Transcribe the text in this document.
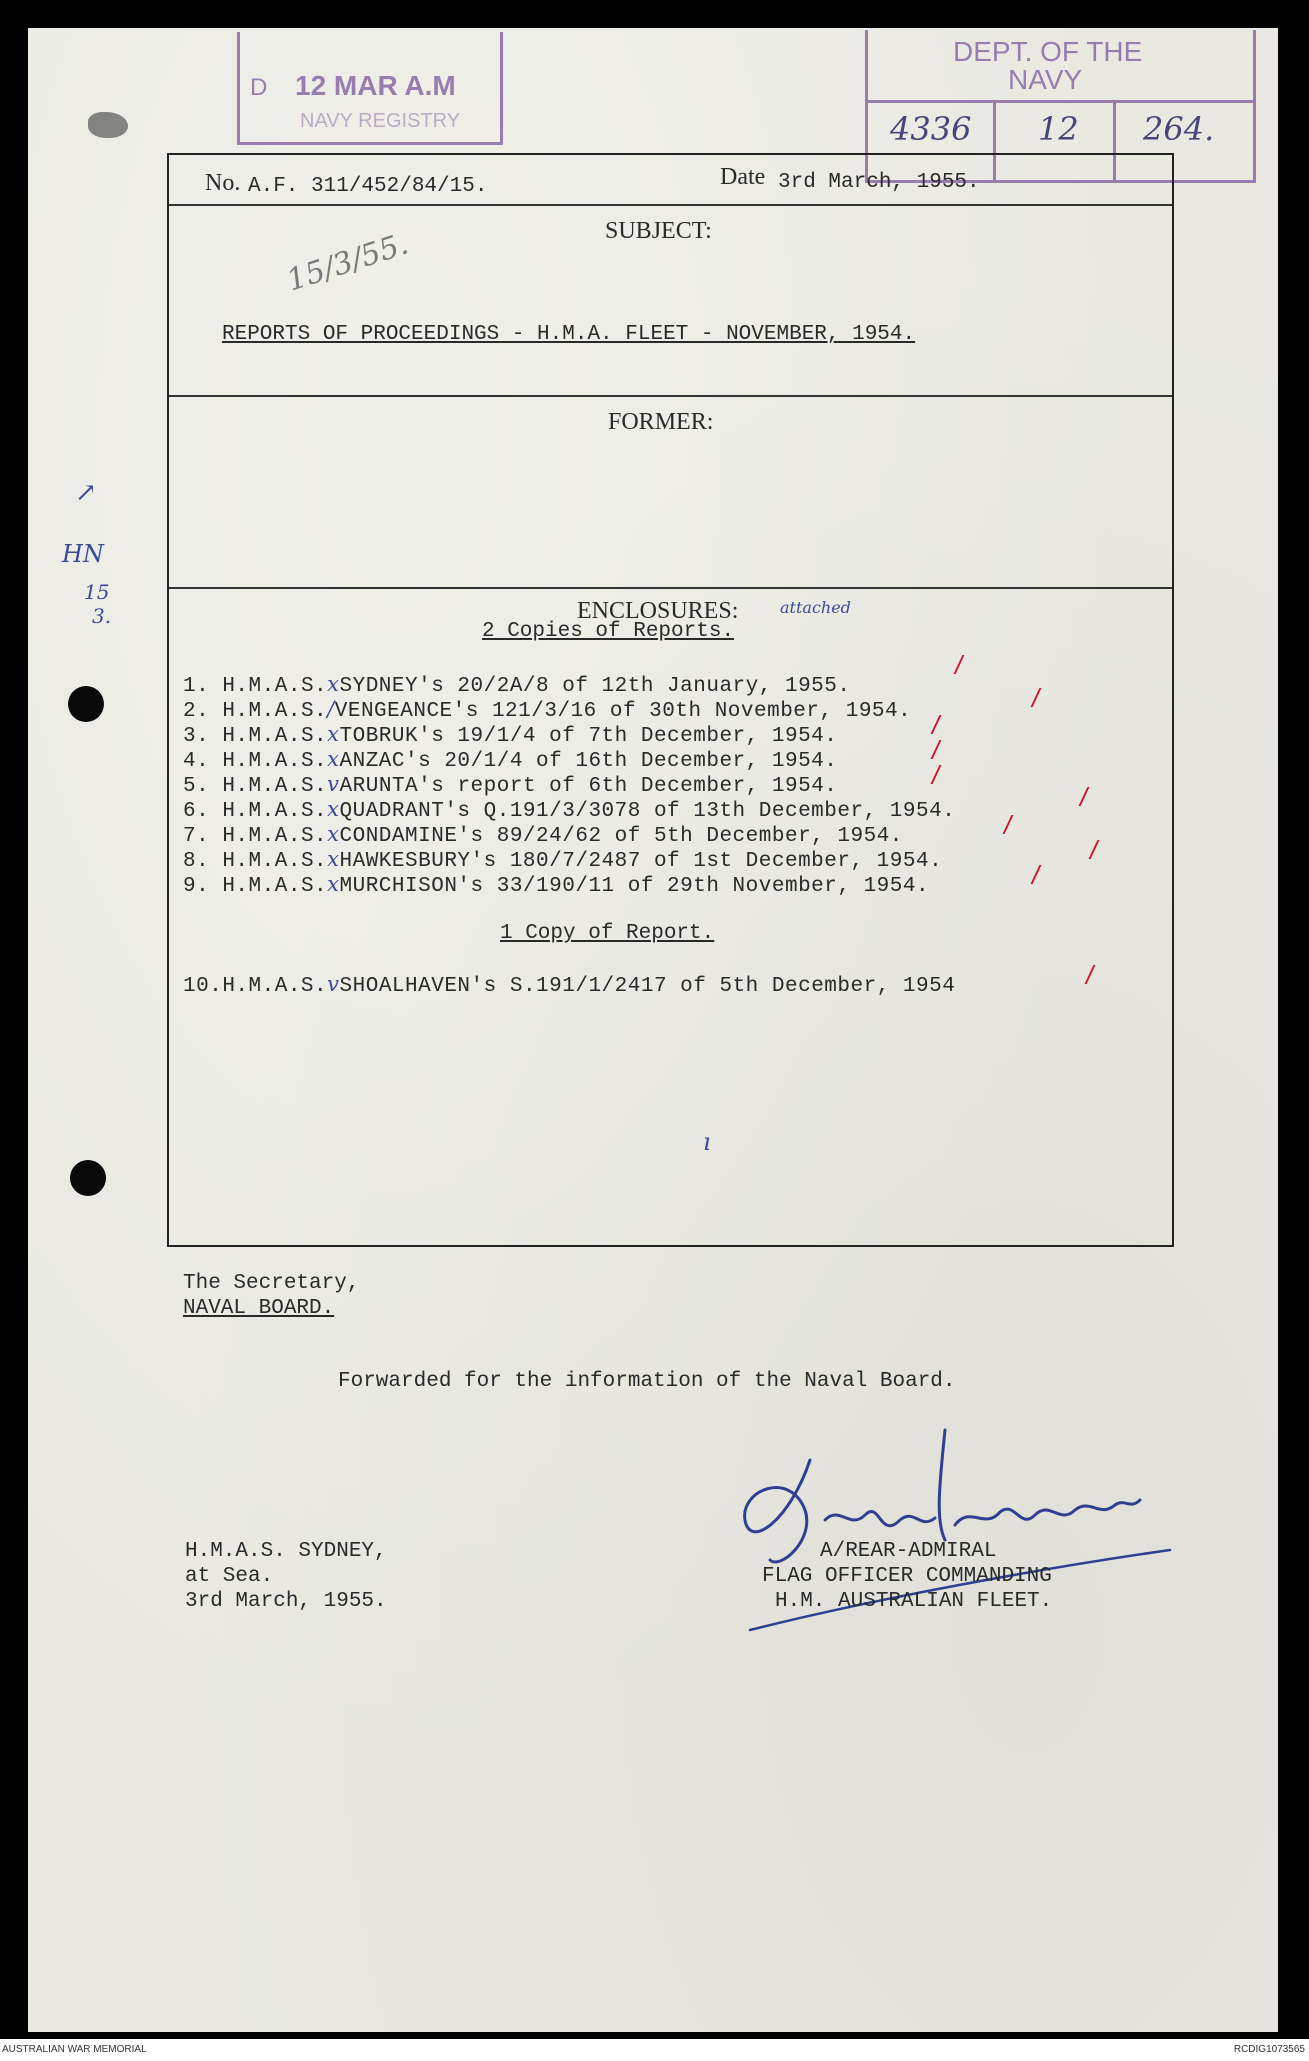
D 12 MAR A.M
NAVY REGISTRY
DEPT. OF THE
NAVY
4336 12 264.
No. A.F. 311/452/84/15.	Date 3rd March, 1955.
SUBJECT:
15/3/55.
REPORTS OF PROCEEDINGS - H.M.A. FLEET - NOVEMBER, 1954.
FORMER:
↗
HN
15
3.	ENCLOSURES:	attached
2 Copies of Reports.
1. H.M.A.S.xSYDNEY's 20/2A/8 of 12th January, 1955.
/
2. H.M.A.S./VENGEANCE's 121/3/16 of 30th November, 1954.	/
3. H.M.A.S.xTOBRUK's 19/1/4 of 7th December, 1954.	/
4. H.M.A.S.xANZAC's 20/1/4 of 16th December, 1954.	/
5. H.M.A.S.vARUNTA's report of 6th December, 1954.	/
6. H.M.A.S.xQUADRANT's Q.191/3/3078 of 13th December, 1954.	/
7. H.M.A.S.xCONDAMINE's 89/24/62 of 5th December, 1954.	/
8. H.M.A.S.xHAWKESBURY's 180/7/2487 of 1st December, 1954.	/
9. H.M.A.S.xMURCHISON's 33/190/11 of 29th November, 1954.	/
1 Copy of Report.
10.H.M.A.S.vSHOALHAVEN's S.191/1/2417 of 5th December, 1954	/
ı
The Secretary,
NAVAL BOARD.
Forwarded for the information of the Naval Board.
H.M.A.S. SYDNEY,
at Sea.
3rd March, 1955.
A/REAR-ADMIRAL
FLAG OFFICER COMMANDING
H.M. AUSTRALIAN FLEET.
AUSTRALIAN WAR MEMORIAL	RCDIG1073565
